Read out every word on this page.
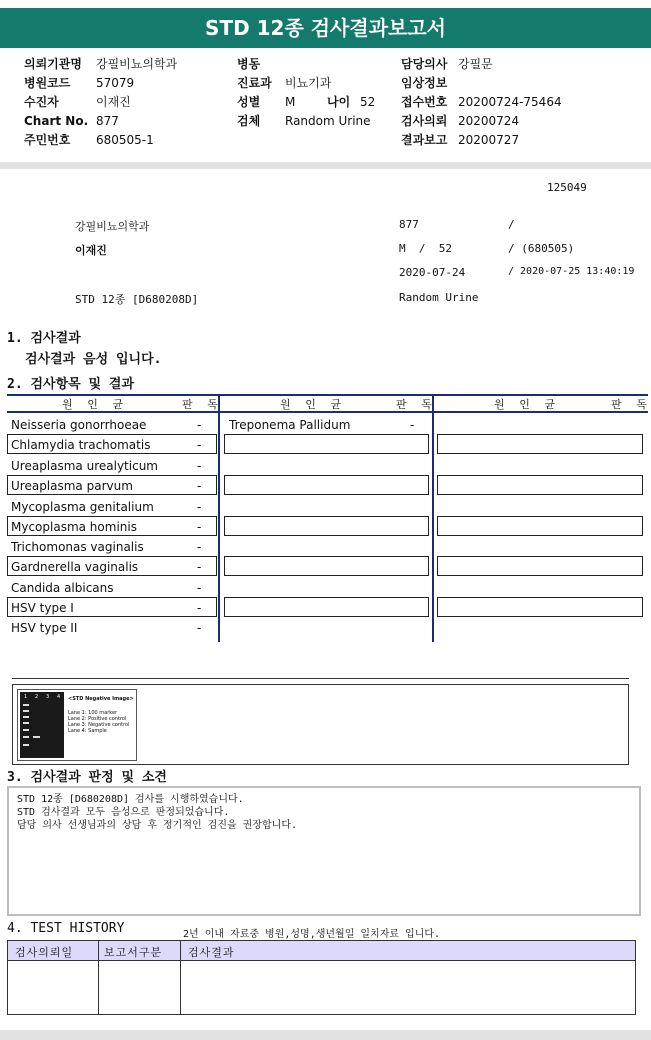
STD 12종 검사결과보고서
의뢰기관명 강필비뇨의학과
병원코드 57079
수진자	이재진
Chart No. 877
주민번호 680505-1
병동
진료과 비뇨기과
성별 M	나이 52
검체 Random Urine
담당의사 강필문
임상정보
접수번호 20200724-75464
검사의뢰 20200724
결과보고 20200727
125049
강필비뇨의학과
이재진
STD 12종 [D680208D]
877	/
M  /  52	/ (680505)
2020-07-24	/ 2020-07-25 13:40:19
Random Urine
1. 검사결과
검사결과 음성 입니다.
2. 검사항목 및 결과
원 인 균	판 독	원 인 균	판 독	원 인 균	판 독
Neisseria gonorrhoeae	-
Chlamydia trachomatis	-
Ureaplasma urealyticum	-
Ureaplasma parvum	-
Mycoplasma genitalium	-
Mycoplasma hominis	-
Trichomonas vaginalis	-
Gardnerella vaginalis	-
Candida albicans	-
HSV type I	-
HSV type II	-
Treponema Pallidum	-
1 2 3 4 <STD Negative Image>
Lane 1: 100 marker
Lane 2: Positive control
Lane 3: Negative control
Lane 4: Sample
3. 검사결과 판정 및 소견
STD 12종 [D680208D] 검사를 시행하였습니다.
STD 검사결과 모두 음성으로 판정되었습니다.
담당 의사 선생님과의 상담 후 정기적인 검진을 권장합니다.
4. TEST HISTORY	2년 이내 자료중 병원,성명,생년월일 일치자료 입니다.
검사의뢰일	보고서구분 검사결과
